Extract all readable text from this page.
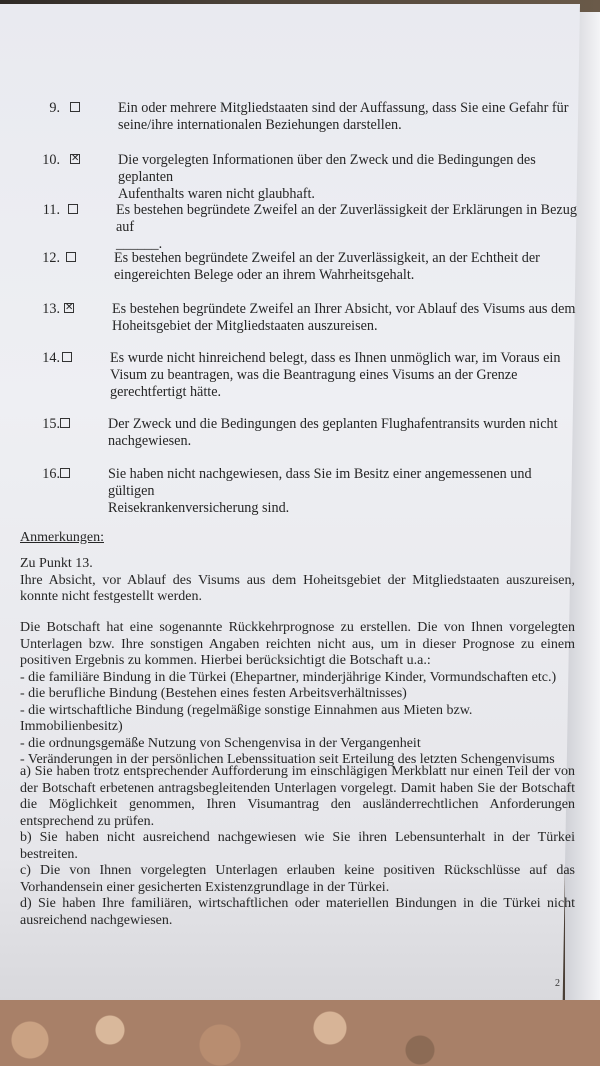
9.	Ein oder mehrere Mitgliedstaaten sind der Auffassung, dass Sie eine Gefahr für
seine/ihre internationalen Beziehungen darstellen.
10. ✕	Die vorgelegten Informationen über den Zweck und die Bedingungen des geplanten
Aufenthalts waren nicht glaubhaft.
11.	Es bestehen begründete Zweifel an der Zuverlässigkeit der Erklärungen in Bezug auf
______.
12.	Es bestehen begründete Zweifel an der Zuverlässigkeit, an der Echtheit der
eingereichten Belege oder an ihrem Wahrheitsgehalt.
13. ✕	Es bestehen begründete Zweifel an Ihrer Absicht, vor Ablauf des Visums aus dem
Hoheitsgebiet der Mitgliedstaaten auszureisen.
14.	Es wurde nicht hinreichend belegt, dass es Ihnen unmöglich war, im Voraus ein
Visum zu beantragen, was die Beantragung eines Visums an der Grenze
gerechtfertigt hätte.
15.	Der Zweck und die Bedingungen des geplanten Flughafentransits wurden nicht
nachgewiesen.
16.	Sie haben nicht nachgewiesen, dass Sie im Besitz einer angemessenen und gültigen
Reisekrankenversicherung sind.
Anmerkungen:
Zu Punkt 13.
Ihre Absicht, vor Ablauf des Visums aus dem Hoheitsgebiet der Mitgliedstaaten auszureisen, konnte nicht festgestellt werden.
Die Botschaft hat eine sogenannte Rückkehrprognose zu erstellen. Die von Ihnen vorgelegten Unterlagen bzw. Ihre sonstigen Angaben reichten nicht aus, um in dieser Prognose zu einem positiven Ergebnis zu kommen. Hierbei berücksichtigt die Botschaft u.a.:
- die familiäre Bindung in die Türkei (Ehepartner, minderjährige Kinder, Vormundschaften etc.)
- die berufliche Bindung (Bestehen eines festen Arbeitsverhältnisses)
- die wirtschaftliche Bindung (regelmäßige sonstige Einnahmen aus Mieten bzw. Immobilienbesitz)
- die ordnungsgemäße Nutzung von Schengenvisa in der Vergangenheit
- Veränderungen in der persönlichen Lebenssituation seit Erteilung des letzten Schengenvisums
a) Sie haben trotz entsprechender Aufforderung im einschlägigen Merkblatt nur einen Teil der von der Botschaft erbetenen antragsbegleitenden Unterlagen vorgelegt. Damit haben Sie der Botschaft die Möglichkeit genommen, Ihren Visumantrag den ausländerrechtlichen Anforderungen entsprechend zu prüfen.
b) Sie haben nicht ausreichend nachgewiesen wie Sie ihren Lebensunterhalt in der Türkei bestreiten.
c) Die von Ihnen vorgelegten Unterlagen erlauben keine positiven Rückschlüsse auf das Vorhandensein einer gesicherten Existenzgrundlage in der Türkei.
d) Sie haben Ihre familiären, wirtschaftlichen oder materiellen Bindungen in die Türkei nicht ausreichend nachgewiesen.
2
